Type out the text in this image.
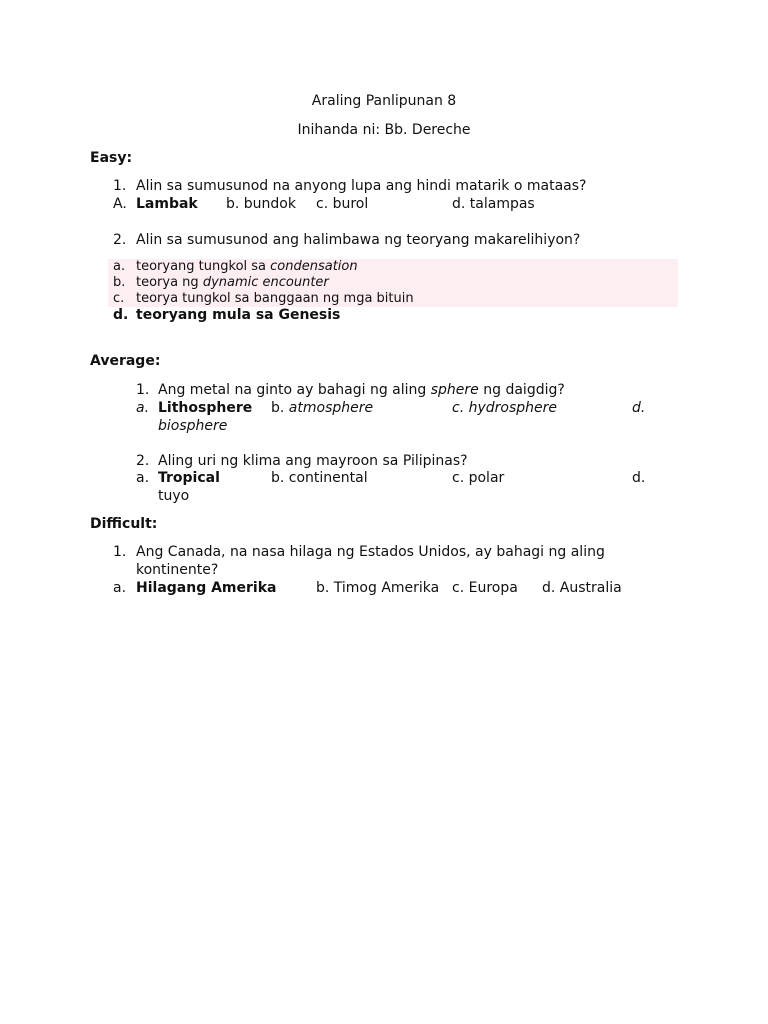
Araling Panlipunan 8
Inihanda ni: Bb. Dereche
Easy:
1. Alin sa sumusunod na anyong lupa ang hindi matarik o mataas?
A. Lambak b. bundok c. burol	d. talampas
2. Alin sa sumusunod ang halimbawa ng teoryang makarelihiyon?
a. teoryang tungkol sa condensation
b. teorya ng dynamic encounter
c. teorya tungkol sa banggaan ng mga bituin
d. teoryang mula sa Genesis
Average:
1. Ang metal na ginto ay bahagi ng aling sphere ng daigdig?
a. Lithosphere b. atmosphere	c. hydrosphere	d.
biosphere
2. Aling uri ng klima ang mayroon sa Pilipinas?
a. Tropical	b. continental	c. polar	d.
tuyo
Difficult:
1. Ang Canada, na nasa hilaga ng Estados Unidos, ay bahagi ng aling
kontinente?
a. Hilagang Amerika	b. Timog Amerika c. Europa d. Australia
